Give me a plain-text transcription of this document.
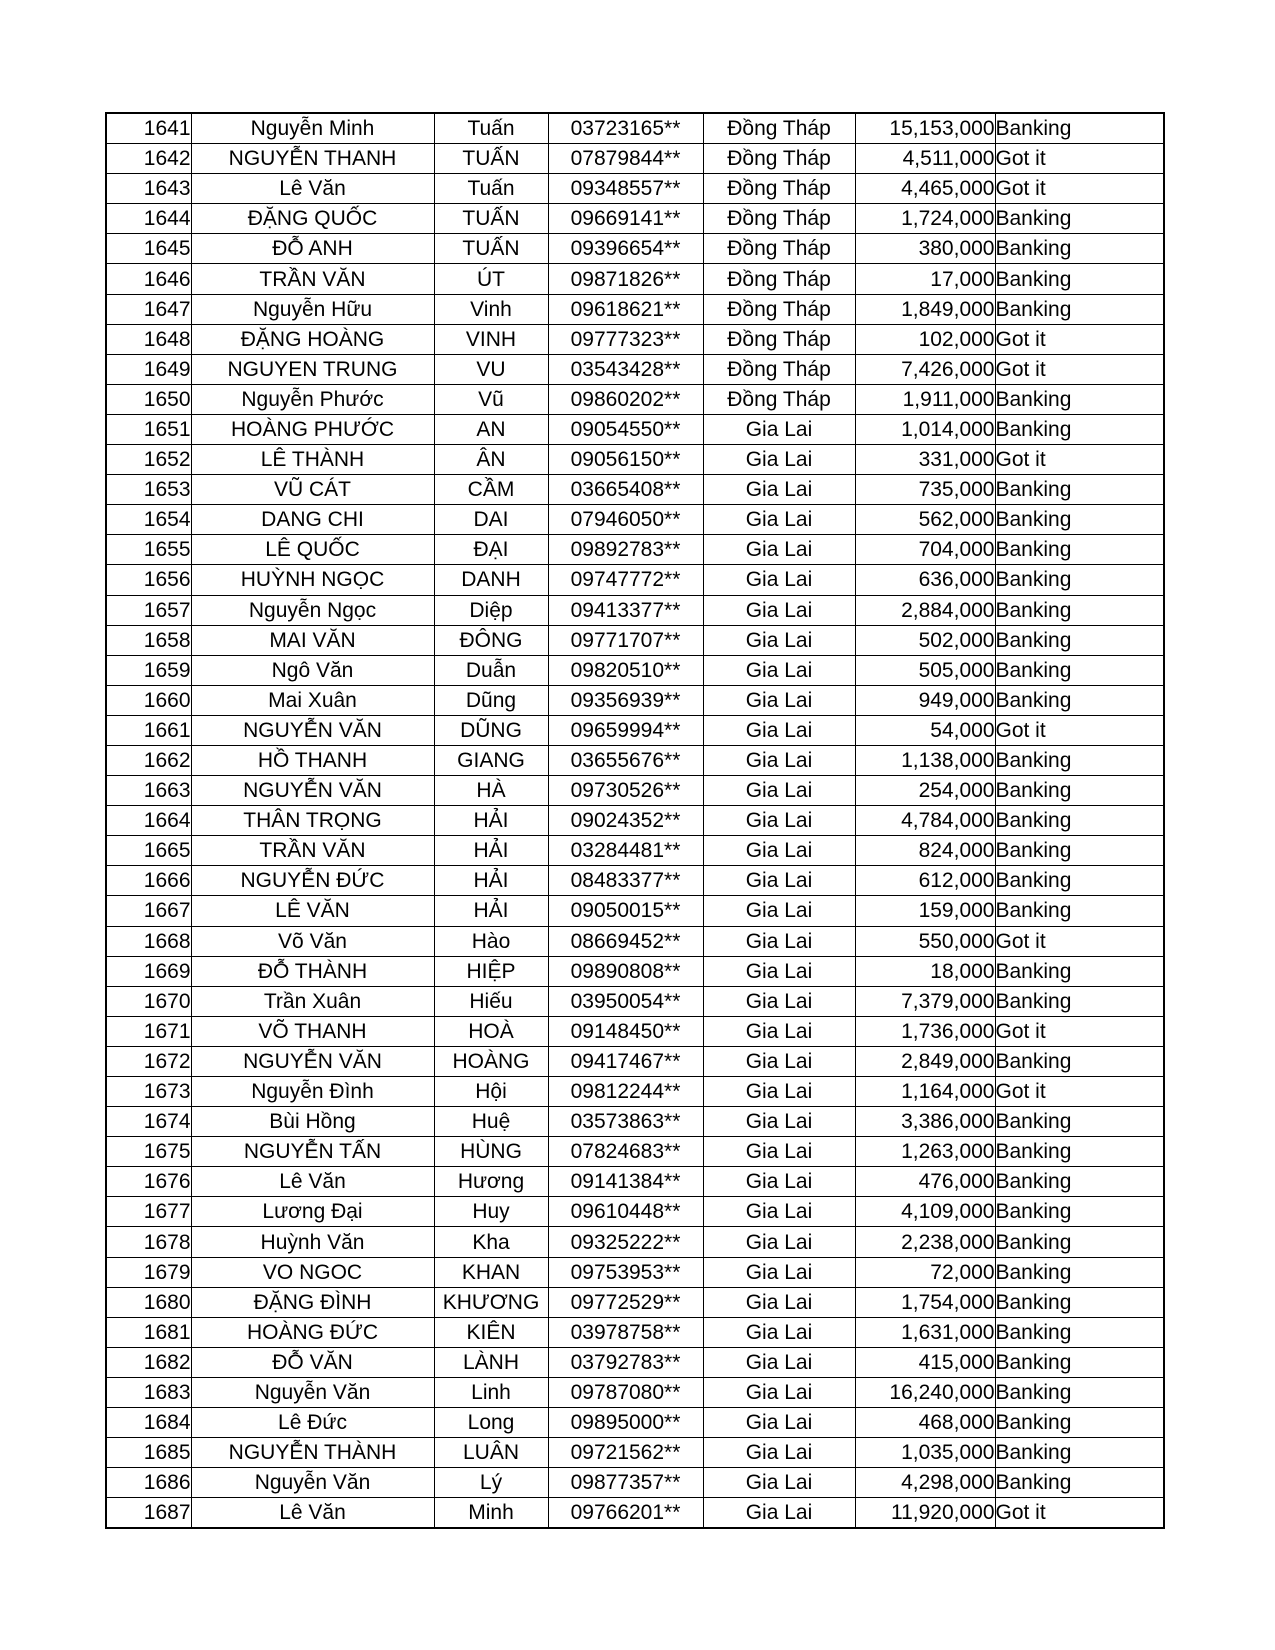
1641	Nguyễn Minh	Tuấn	03723165**	Đồng Tháp	15,153,000	Banking
1642	NGUYỄN THANH	TUẤN	07879844**	Đồng Tháp	4,511,000	Got it
1643	Lê Văn	Tuấn	09348557**	Đồng Tháp	4,465,000	Got it
1644	ĐẶNG QUỐC	TUẤN	09669141**	Đồng Tháp	1,724,000	Banking
1645	ĐỖ ANH	TUẤN	09396654**	Đồng Tháp	380,000	Banking
1646	TRẦN VĂN	ÚT	09871826**	Đồng Tháp	17,000	Banking
1647	Nguyễn Hữu	Vinh	09618621**	Đồng Tháp	1,849,000	Banking
1648	ĐẶNG HOÀNG	VINH	09777323**	Đồng Tháp	102,000	Got it
1649	NGUYEN TRUNG	VU	03543428**	Đồng Tháp	7,426,000	Got it
1650	Nguyễn Phước	Vũ	09860202**	Đồng Tháp	1,911,000	Banking
1651	HOÀNG PHƯỚC	AN	09054550**	Gia Lai	1,014,000	Banking
1652	LÊ THÀNH	ÂN	09056150**	Gia Lai	331,000	Got it
1653	VŨ CÁT	CẦM	03665408**	Gia Lai	735,000	Banking
1654	DANG CHI	DAI	07946050**	Gia Lai	562,000	Banking
1655	LÊ QUỐC	ĐẠI	09892783**	Gia Lai	704,000	Banking
1656	HUỲNH NGỌC	DANH	09747772**	Gia Lai	636,000	Banking
1657	Nguyễn Ngọc	Diệp	09413377**	Gia Lai	2,884,000	Banking
1658	MAI VĂN	ĐÔNG	09771707**	Gia Lai	502,000	Banking
1659	Ngô Văn	Duẫn	09820510**	Gia Lai	505,000	Banking
1660	Mai Xuân	Dũng	09356939**	Gia Lai	949,000	Banking
1661	NGUYỄN VĂN	DŨNG	09659994**	Gia Lai	54,000	Got it
1662	HỒ THANH	GIANG	03655676**	Gia Lai	1,138,000	Banking
1663	NGUYỄN VĂN	HÀ	09730526**	Gia Lai	254,000	Banking
1664	THÂN TRỌNG	HẢI	09024352**	Gia Lai	4,784,000	Banking
1665	TRẦN VĂN	HẢI	03284481**	Gia Lai	824,000	Banking
1666	NGUYỄN ĐỨC	HẢI	08483377**	Gia Lai	612,000	Banking
1667	LÊ VĂN	HẢI	09050015**	Gia Lai	159,000	Banking
1668	Võ Văn	Hào	08669452**	Gia Lai	550,000	Got it
1669	ĐỖ THÀNH	HIỆP	09890808**	Gia Lai	18,000	Banking
1670	Trần Xuân	Hiếu	03950054**	Gia Lai	7,379,000	Banking
1671	VÕ THANH	HOÀ	09148450**	Gia Lai	1,736,000	Got it
1672	NGUYỄN VĂN	HOÀNG	09417467**	Gia Lai	2,849,000	Banking
1673	Nguyễn Đình	Hội	09812244**	Gia Lai	1,164,000	Got it
1674	Bùi Hồng	Huệ	03573863**	Gia Lai	3,386,000	Banking
1675	NGUYỄN TẤN	HÙNG	07824683**	Gia Lai	1,263,000	Banking
1676	Lê Văn	Hương	09141384**	Gia Lai	476,000	Banking
1677	Lương Đại	Huy	09610448**	Gia Lai	4,109,000	Banking
1678	Huỳnh Văn	Kha	09325222**	Gia Lai	2,238,000	Banking
1679	VO NGOC	KHAN	09753953**	Gia Lai	72,000	Banking
1680	ĐẶNG ĐÌNH	KHƯƠNG	09772529**	Gia Lai	1,754,000	Banking
1681	HOÀNG ĐỨC	KIÊN	03978758**	Gia Lai	1,631,000	Banking
1682	ĐỖ VĂN	LÀNH	03792783**	Gia Lai	415,000	Banking
1683	Nguyễn Văn	Linh	09787080**	Gia Lai	16,240,000	Banking
1684	Lê Đức	Long	09895000**	Gia Lai	468,000	Banking
1685	NGUYỄN THÀNH	LUÂN	09721562**	Gia Lai	1,035,000	Banking
1686	Nguyễn Văn	Lý	09877357**	Gia Lai	4,298,000	Banking
1687	Lê Văn	Minh	09766201**	Gia Lai	11,920,000	Got it
